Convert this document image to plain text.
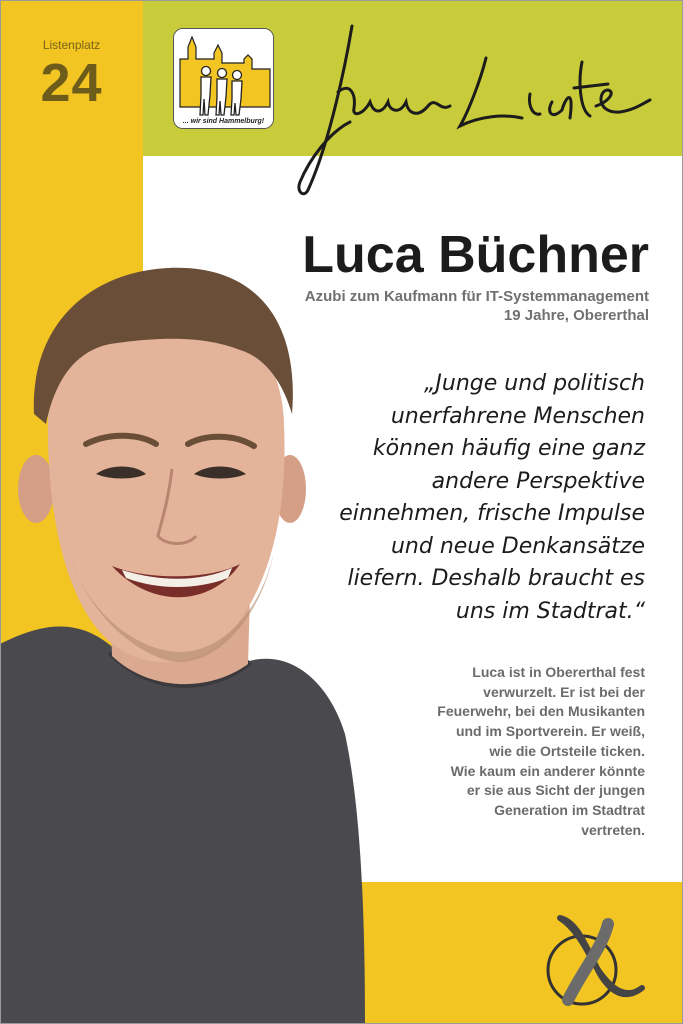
Listenplatz
24
... wir sind Hammelburg!
Luca Büchner
Azubi zum Kaufmann für IT-Systemmanagement
19 Jahre, Obererthal
„Junge und politisch
unerfahrene Menschen
können häufig eine ganz
andere Perspektive
einnehmen, frische Impulse
und neue Denkansätze
liefern. Deshalb braucht es
uns im Stadtrat.“
Luca ist in Obererthal fest
verwurzelt. Er ist bei der
Feuerwehr, bei den Musikanten
und im Sportverein. Er weiß,
wie die Ortsteile ticken.
Wie kaum ein anderer könnte
er sie aus Sicht der jungen
Generation im Stadtrat
vertreten.
